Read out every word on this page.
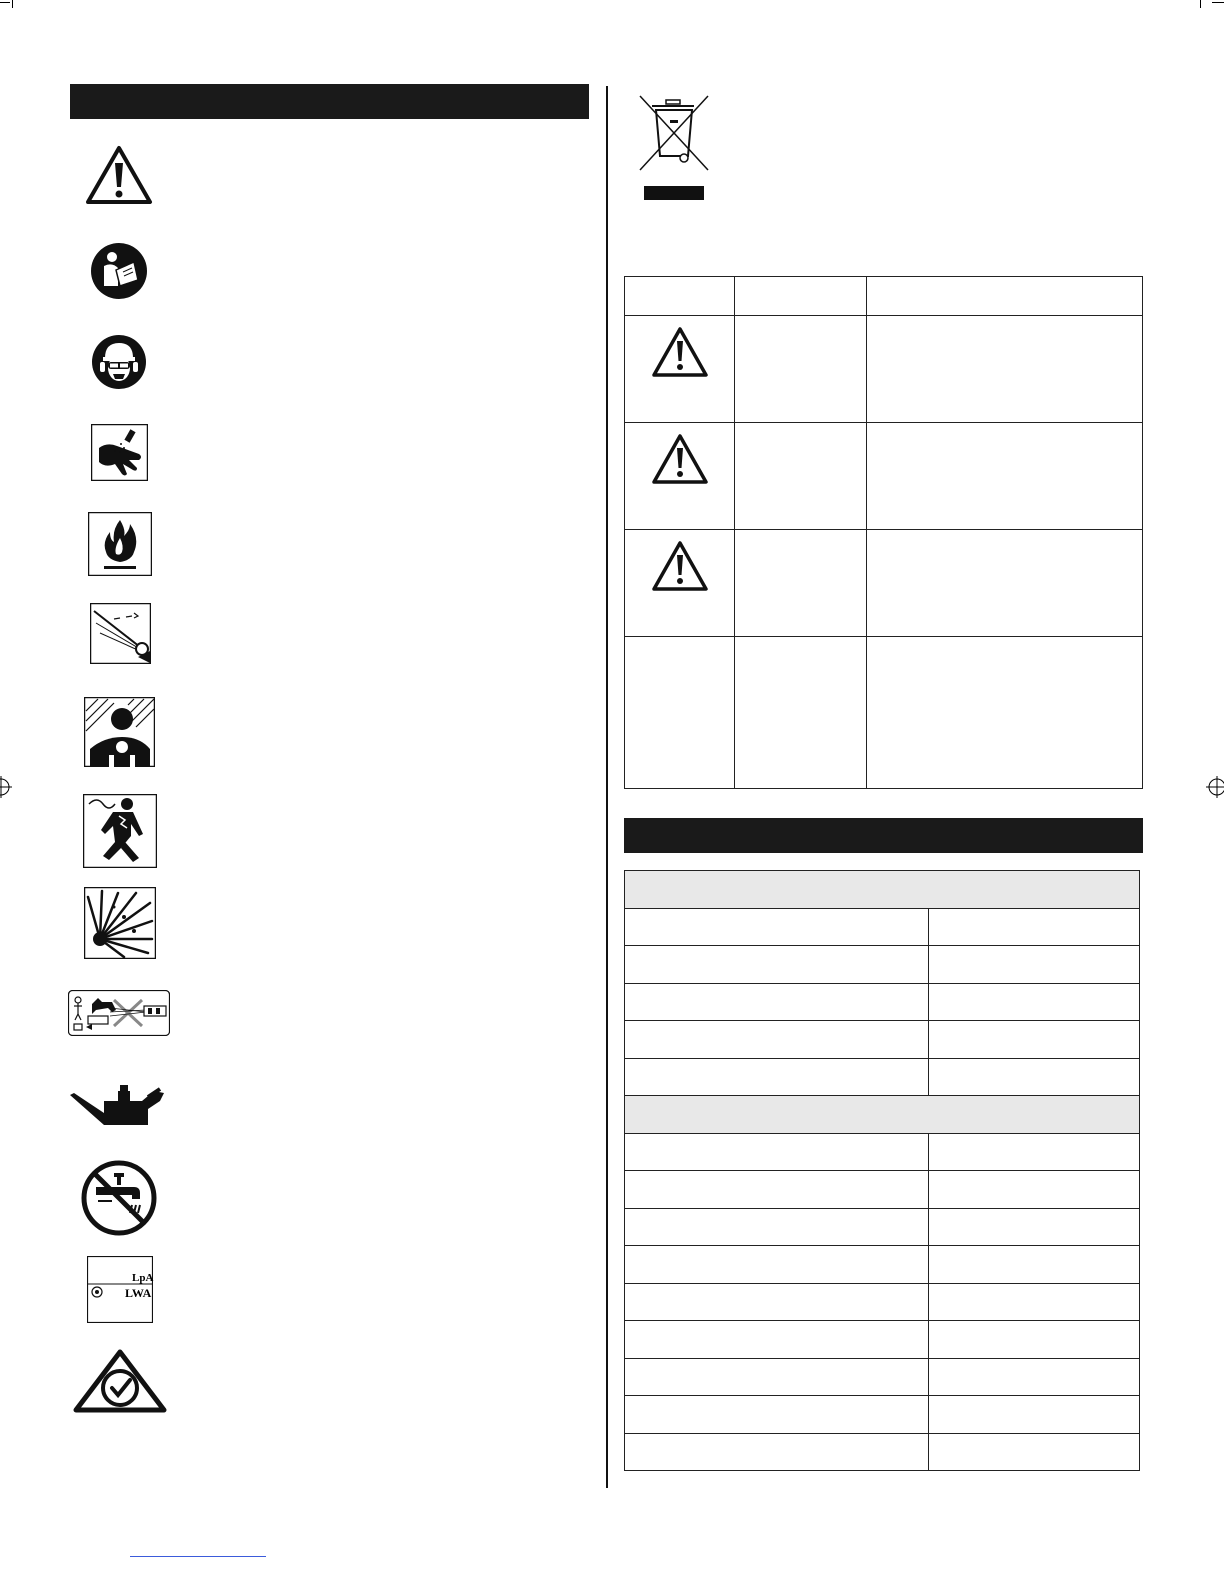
LpA
LWA
